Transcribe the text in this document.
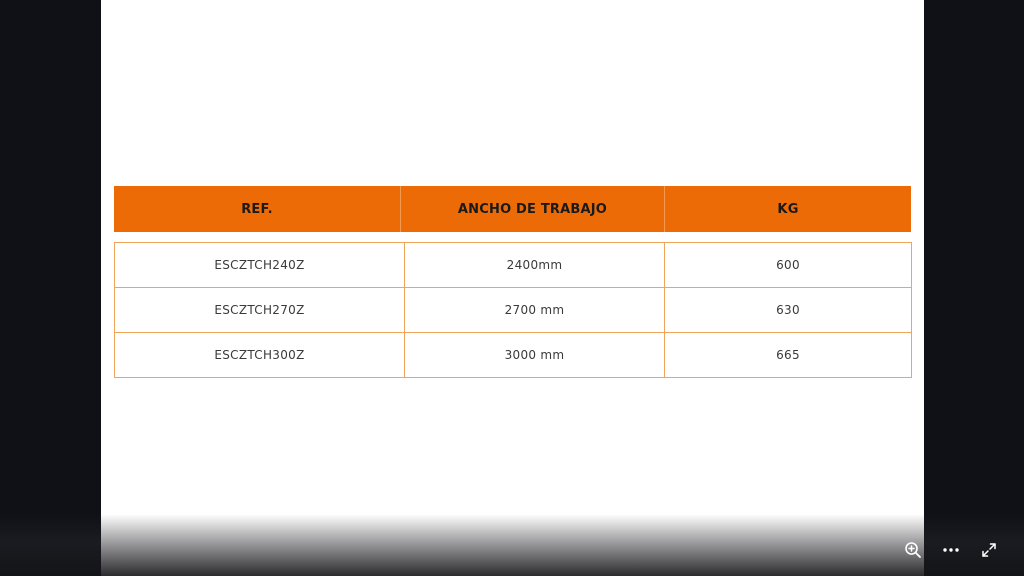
REF.	ANCHO DE TRABAJO	KG
ESCZTCH240Z	2400mm	600
ESCZTCH270Z	2700 mm	630
ESCZTCH300Z	3000 mm	665
